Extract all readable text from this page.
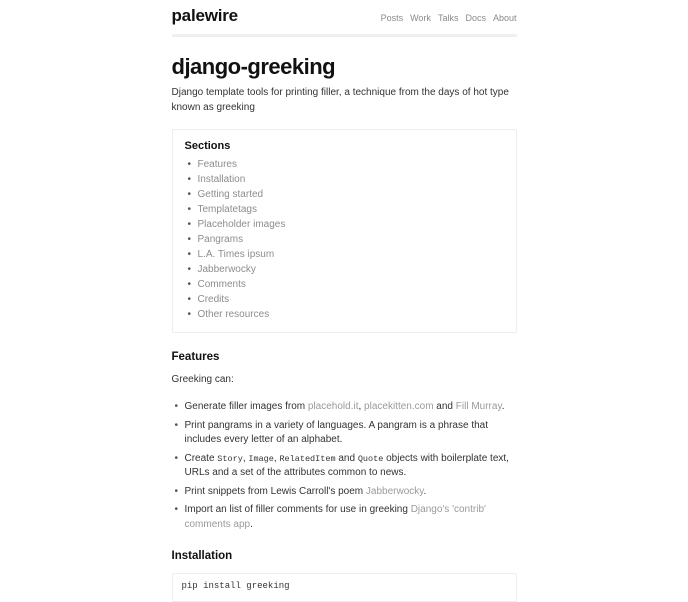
palewire	Posts Work Talks Docs About
django-greeking

Django template tools for printing filler, a technique from the days of hot type known as greeking

Sections
• Features
• Installation
• Getting started
• Templatetags
• Placeholder images
• Pangrams
• L.A. Times ipsum
• Jabberwocky
• Comments
• Credits
• Other resources
Features

Greeking can:

• Generate filler images from placehold.it, placekitten.com and Fill Murray.
• Print pangrams in a variety of languages. A pangram is a phrase that includes every letter of an alphabet.
• Create Story, Image, RelatedItem and Quote objects with boilerplate text, URLs and a set of the attributes common to news.
• Print snippets from Lewis Carroll's poem Jabberwocky.
• Import an list of filler comments for use in greeking Django's 'contrib' comments app.
Installation
pip install greeking
